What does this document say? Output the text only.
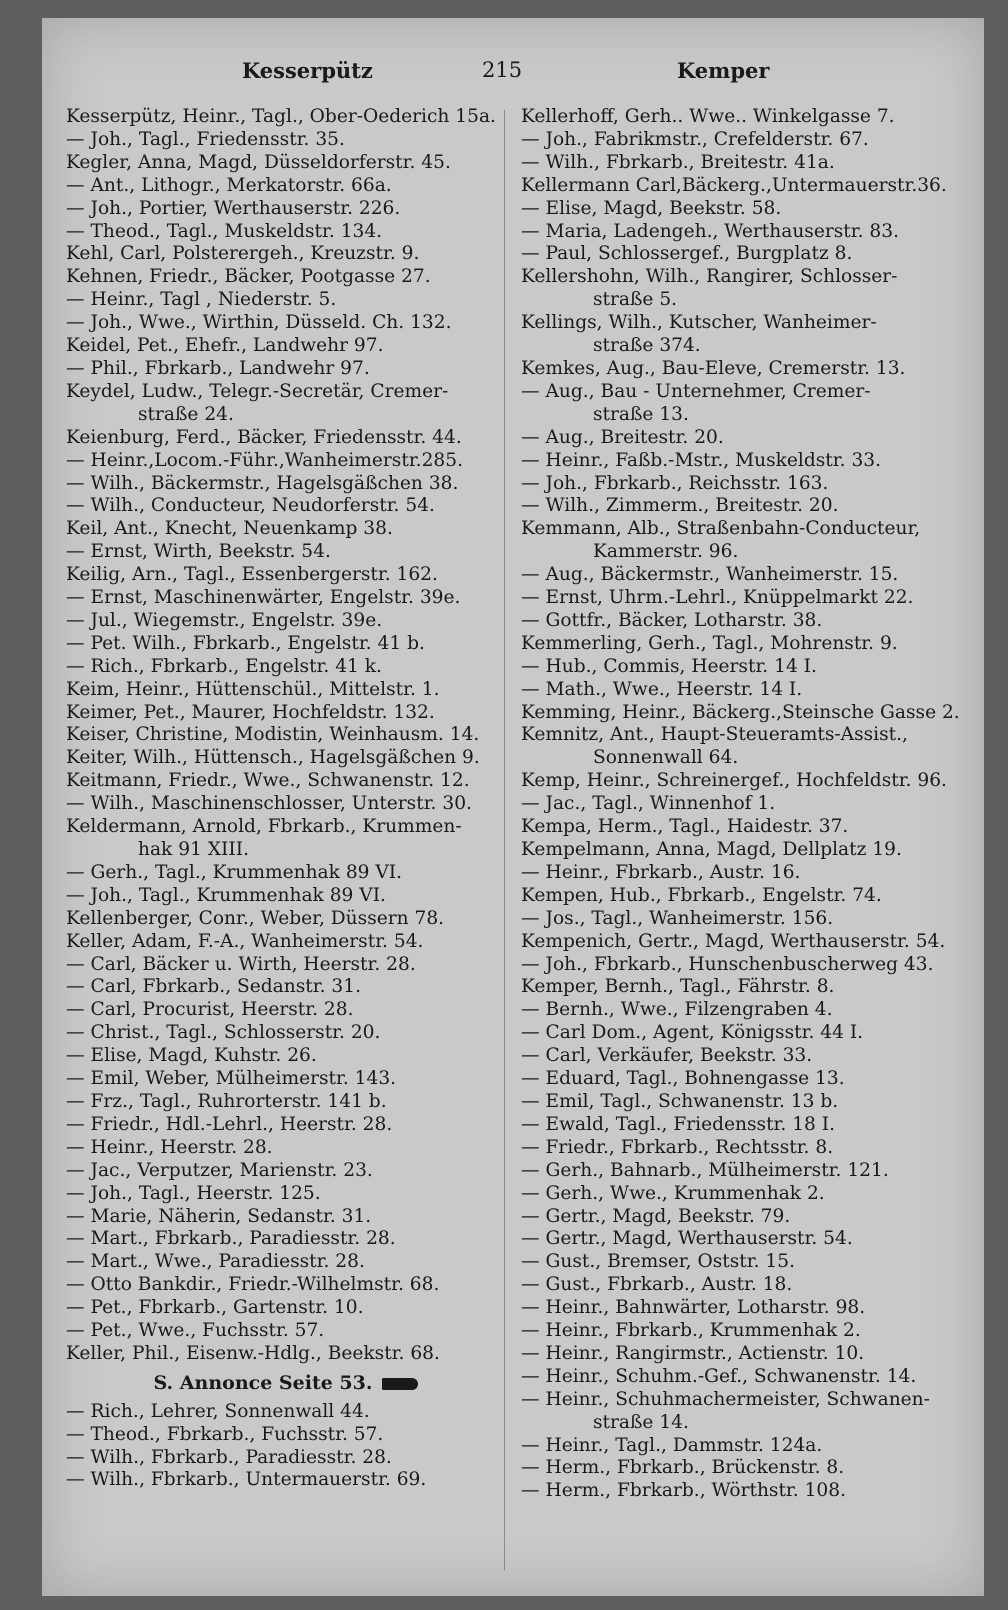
Kesserpütz	215	Kemper
Kesserpütz, Heinr., Tagl., Ober-Oederich 15a.
— Joh., Tagl., Friedensstr. 35.
Kegler, Anna, Magd, Düsseldorferstr. 45.
— Ant., Lithogr., Merkatorstr. 66a.
— Joh., Portier, Werthauserstr. 226.
— Theod., Tagl., Muskeldstr. 134.
Kehl, Carl, Polsterergeh., Kreuzstr. 9.
Kehnen, Friedr., Bäcker, Pootgasse 27.
— Heinr., Tagl , Niederstr. 5.
— Joh., Wwe., Wirthin, Düsseld. Ch. 132.
Keidel, Pet., Ehefr., Landwehr 97.
— Phil., Fbrkarb., Landwehr 97.
Keydel, Ludw., Telegr.-Secretär, Cremer-
straße 24.
Keienburg, Ferd., Bäcker, Friedensstr. 44.
— Heinr.,Locom.-Führ.,Wanheimerstr.285.
— Wilh., Bäckermstr., Hagelsgäßchen 38.
— Wilh., Conducteur, Neudorferstr. 54.
Keil, Ant., Knecht, Neuenkamp 38.
— Ernst, Wirth, Beekstr. 54.
Keilig, Arn., Tagl., Essenbergerstr. 162.
— Ernst, Maschinenwärter, Engelstr. 39e.
— Jul., Wiegemstr., Engelstr. 39e.
— Pet. Wilh., Fbrkarb., Engelstr. 41 b.
— Rich., Fbrkarb., Engelstr. 41 k.
Keim, Heinr., Hüttenschül., Mittelstr. 1.
Keimer, Pet., Maurer, Hochfeldstr. 132.
Keiser, Christine, Modistin, Weinhausm. 14.
Keiter, Wilh., Hüttensch., Hagelsgäßchen 9.
Keitmann, Friedr., Wwe., Schwanenstr. 12.
— Wilh., Maschinenschlosser, Unterstr. 30.
Keldermann, Arnold, Fbrkarb., Krummen-
hak 91 XIII.
— Gerh., Tagl., Krummenhak 89 VI.
— Joh., Tagl., Krummenhak 89 VI.
Kellenberger, Conr., Weber, Düssern 78.
Keller, Adam, F.-A., Wanheimerstr. 54.
— Carl, Bäcker u. Wirth, Heerstr. 28.
— Carl, Fbrkarb., Sedanstr. 31.
— Carl, Procurist, Heerstr. 28.
— Christ., Tagl., Schlosserstr. 20.
— Elise, Magd, Kuhstr. 26.
— Emil, Weber, Mülheimerstr. 143.
— Frz., Tagl., Ruhrorterstr. 141 b.
— Friedr., Hdl.-Lehrl., Heerstr. 28.
— Heinr., Heerstr. 28.
— Jac., Verputzer, Marienstr. 23.
— Joh., Tagl., Heerstr. 125.
— Marie, Näherin, Sedanstr. 31.
— Mart., Fbrkarb., Paradiesstr. 28.
— Mart., Wwe., Paradiesstr. 28.
— Otto Bankdir., Friedr.-Wilhelmstr. 68.
— Pet., Fbrkarb., Gartenstr. 10.
— Pet., Wwe., Fuchsstr. 57.
Keller, Phil., Eisenw.-Hdlg., Beekstr. 68.
S. Annonce Seite 53.
— Rich., Lehrer, Sonnenwall 44.
— Theod., Fbrkarb., Fuchsstr. 57.
— Wilh., Fbrkarb., Paradiesstr. 28.
— Wilh., Fbrkarb., Untermauerstr. 69.
Kellerhoff, Gerh.. Wwe.. Winkelgasse 7.
— Joh., Fabrikmstr., Crefelderstr. 67.
— Wilh., Fbrkarb., Breitestr. 41a.
Kellermann Carl,Bäckerg.,Untermauerstr.36.
— Elise, Magd, Beekstr. 58.
— Maria, Ladengeh., Werthauserstr. 83.
— Paul, Schlossergef., Burgplatz 8.
Kellershohn, Wilh., Rangirer, Schlosser-
straße 5.
Kellings, Wilh., Kutscher, Wanheimer-
straße 374.
Kemkes, Aug., Bau-Eleve, Cremerstr. 13.
— Aug., Bau - Unternehmer, Cremer-
straße 13.
— Aug., Breitestr. 20.
— Heinr., Faßb.-Mstr., Muskeldstr. 33.
— Joh., Fbrkarb., Reichsstr. 163.
— Wilh., Zimmerm., Breitestr. 20.
Kemmann, Alb., Straßenbahn-Conducteur,
Kammerstr. 96.
— Aug., Bäckermstr., Wanheimerstr. 15.
— Ernst, Uhrm.-Lehrl., Knüppelmarkt 22.
— Gottfr., Bäcker, Lotharstr. 38.
Kemmerling, Gerh., Tagl., Mohrenstr. 9.
— Hub., Commis, Heerstr. 14 I.
— Math., Wwe., Heerstr. 14 I.
Kemming, Heinr., Bäckerg.,Steinsche Gasse 2.
Kemnitz, Ant., Haupt-Steueramts-Assist.,
Sonnenwall 64.
Kemp, Heinr., Schreinergef., Hochfeldstr. 96.
— Jac., Tagl., Winnenhof 1.
Kempa, Herm., Tagl., Haidestr. 37.
Kempelmann, Anna, Magd, Dellplatz 19.
— Heinr., Fbrkarb., Austr. 16.
Kempen, Hub., Fbrkarb., Engelstr. 74.
— Jos., Tagl., Wanheimerstr. 156.
Kempenich, Gertr., Magd, Werthauserstr. 54.
— Joh., Fbrkarb., Hunschenbuscherweg 43.
Kemper, Bernh., Tagl., Fährstr. 8.
— Bernh., Wwe., Filzengraben 4.
— Carl Dom., Agent, Königsstr. 44 I.
— Carl, Verkäufer, Beekstr. 33.
— Eduard, Tagl., Bohnengasse 13.
— Emil, Tagl., Schwanenstr. 13 b.
— Ewald, Tagl., Friedensstr. 18 I.
— Friedr., Fbrkarb., Rechtsstr. 8.
— Gerh., Bahnarb., Mülheimerstr. 121.
— Gerh., Wwe., Krummenhak 2.
— Gertr., Magd, Beekstr. 79.
— Gertr., Magd, Werthauserstr. 54.
— Gust., Bremser, Oststr. 15.
— Gust., Fbrkarb., Austr. 18.
— Heinr., Bahnwärter, Lotharstr. 98.
— Heinr., Fbrkarb., Krummenhak 2.
— Heinr., Rangirmstr., Actienstr. 10.
— Heinr., Schuhm.-Gef., Schwanenstr. 14.
— Heinr., Schuhmachermeister, Schwanen-
straße 14.
— Heinr., Tagl., Dammstr. 124a.
— Herm., Fbrkarb., Brückenstr. 8.
— Herm., Fbrkarb., Wörthstr. 108.
